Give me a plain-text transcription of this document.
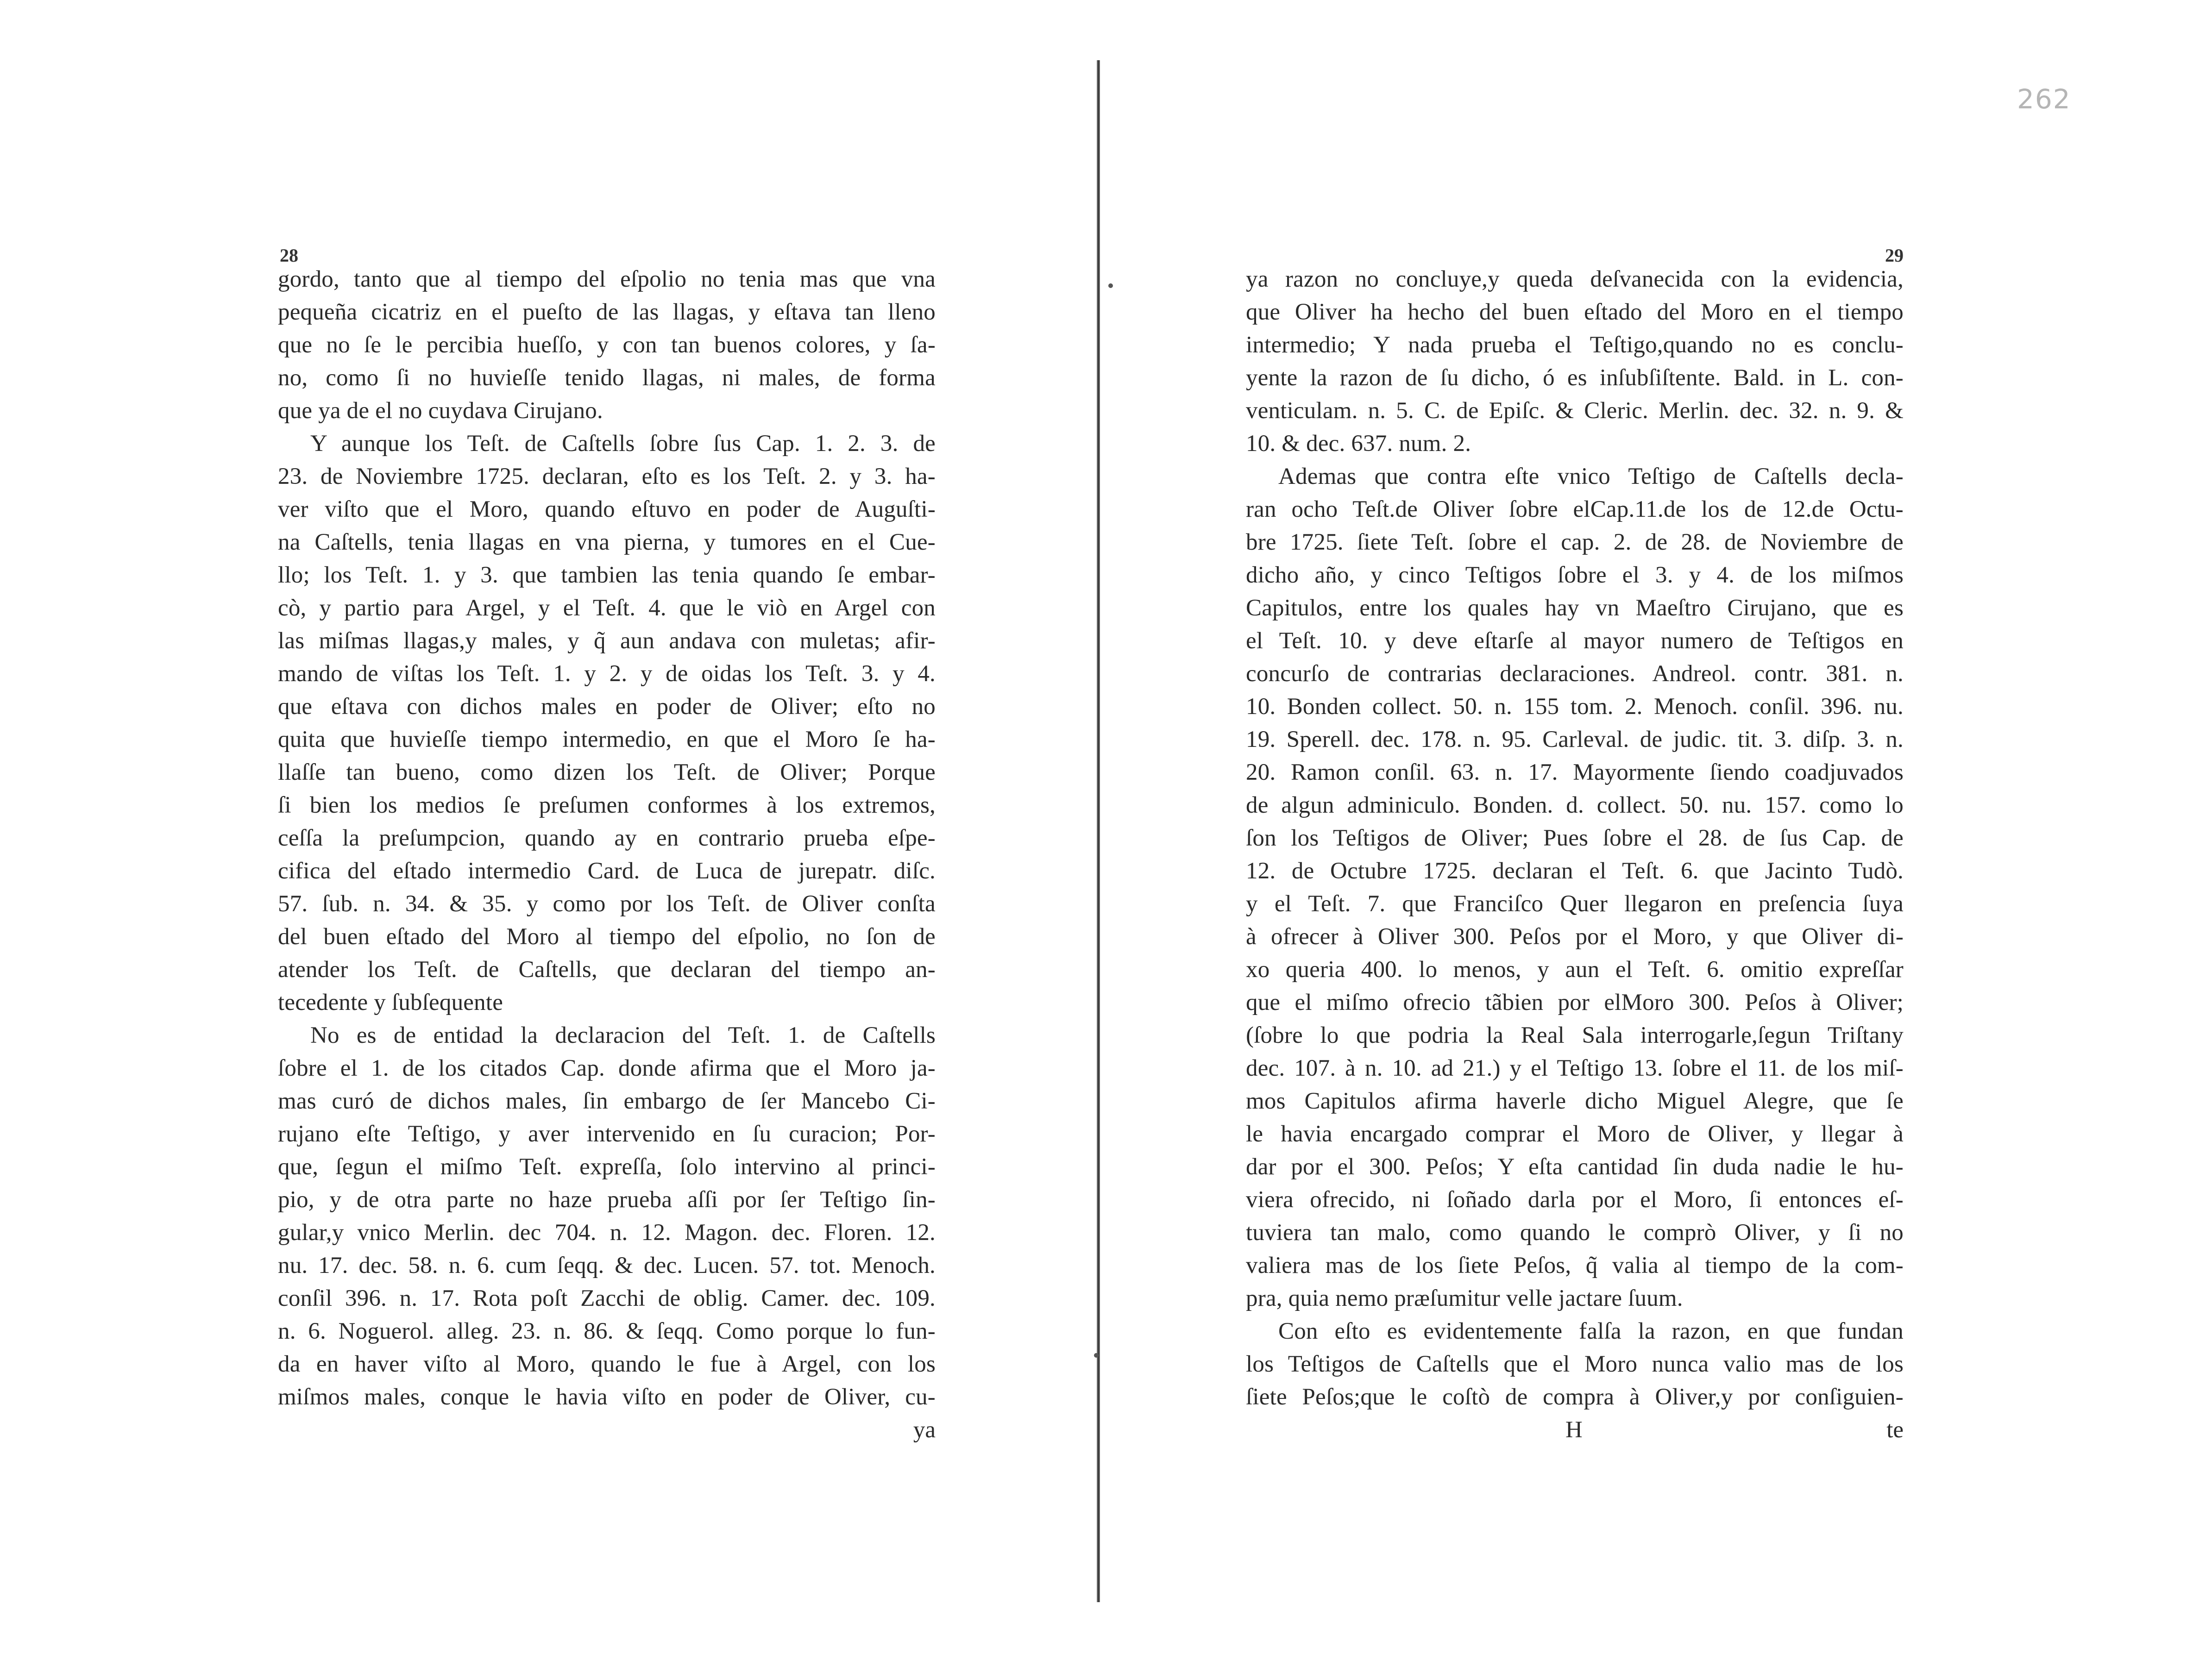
262
28
gordo, tanto que al tiempo del eſpolio no tenia mas que vna
pequeña cicatriz en el pueſto de las llagas, y eſtava tan lleno
que no ſe le percibia hueſſo, y con tan buenos colores, y ſa-
no, como ſi no huvieſſe tenido llagas, ni males, de forma
que ya de el no cuydava Cirujano.
Y aunque los Teſt. de Caſtells ſobre ſus Cap. 1. 2. 3. de
23. de Noviembre 1725. declaran, eſto es los Teſt. 2. y 3. ha-
ver viſto que el Moro, quando eſtuvo en poder de Auguſti-
na Caſtells, tenia llagas en vna pierna, y tumores en el Cue-
llo; los Teſt. 1. y 3. que tambien las tenia quando ſe embar-
cò, y partio para Argel, y el Teſt. 4. que le viò en Argel con
las miſmas llagas,y males, y q̃ aun andava con muletas; afir-
mando de viſtas los Teſt. 1. y 2. y de oidas los Teſt. 3. y 4.
que eſtava con dichos males en poder de Oliver; eſto no
quita que huvieſſe tiempo intermedio, en que el Moro ſe ha-
llaſſe tan bueno, como dizen los Teſt. de Oliver; Porque
ſi bien los medios ſe preſumen conformes à los extremos,
ceſſa la preſumpcion, quando ay en contrario prueba eſpe-
cifica del eſtado intermedio Card. de Luca de jurepatr. diſc.
57. ſub. n. 34. & 35. y como por los Teſt. de Oliver conſta
del buen eſtado del Moro al tiempo del eſpolio, no ſon de
atender los Teſt. de Caſtells, que declaran del tiempo an-
tecedente y ſubſequente
No es de entidad la declaracion del Teſt. 1. de Caſtells
ſobre el 1. de los citados Cap. donde afirma que el Moro ja-
mas curó de dichos males, ſin embargo de ſer Mancebo Ci-
rujano eſte Teſtigo, y aver intervenido en ſu curacion; Por-
que, ſegun el miſmo Teſt. expreſſa, ſolo intervino al princi-
pio, y de otra parte no haze prueba aſſi por ſer Teſtigo ſin-
gular,y vnico Merlin. dec 704. n. 12. Magon. dec. Floren. 12.
nu. 17. dec. 58. n. 6. cum ſeqq. & dec. Lucen. 57. tot. Menoch.
conſil 396. n. 17. Rota poſt Zacchi de oblig. Camer. dec. 109.
n. 6. Noguerol. alleg. 23. n. 86. & ſeqq. Como porque lo fun-
da en haver viſto al Moro, quando le fue à Argel, con los
miſmos males, conque le havia viſto en poder de Oliver, cu-
ya
29
ya razon no concluye,y queda deſvanecida con la evidencia,
que Oliver ha hecho del buen eſtado del Moro en el tiempo
intermedio; Y nada prueba el Teſtigo,quando no es conclu-
yente la razon de ſu dicho, ó es inſubſiſtente. Bald. in L. con-
venticulam. n. 5. C. de Epiſc. & Cleric. Merlin. dec. 32. n. 9. &
10. & dec. 637. num. 2.
Ademas que contra eſte vnico Teſtigo de Caſtells decla-
ran ocho Teſt.de Oliver ſobre elCap.11.de los de 12.de Octu-
bre 1725. ſiete Teſt. ſobre el cap. 2. de 28. de Noviembre de
dicho año, y cinco Teſtigos ſobre el 3. y 4. de los miſmos
Capitulos, entre los quales hay vn Maeſtro Cirujano, que es
el Teſt. 10. y deve eſtarſe al mayor numero de Teſtigos en
concurſo de contrarias declaraciones. Andreol. contr. 381. n.
10. Bonden collect. 50. n. 155 tom. 2. Menoch. conſil. 396. nu.
19. Sperell. dec. 178. n. 95. Carleval. de judic. tit. 3. diſp. 3. n.
20. Ramon conſil. 63. n. 17. Mayormente ſiendo coadjuvados
de algun adminiculo. Bonden. d. collect. 50. nu. 157. como lo
ſon los Teſtigos de Oliver; Pues ſobre el 28. de ſus Cap. de
12. de Octubre 1725. declaran el Teſt. 6. que Jacinto Tudò.
y el Teſt. 7. que Franciſco Quer llegaron en preſencia ſuya
à ofrecer à Oliver 300. Peſos por el Moro, y que Oliver di-
xo queria 400. lo menos, y aun el Teſt. 6. omitio expreſſar
que el miſmo ofrecio tãbien por elMoro 300. Peſos à Oliver;
(ſobre lo que podria la Real Sala interrogarle,ſegun Triſtany
dec. 107. à n. 10. ad 21.) y el Teſtigo 13. ſobre el 11. de los miſ-
mos Capitulos afirma haverle dicho Miguel Alegre, que ſe
le havia encargado comprar el Moro de Oliver, y llegar à
dar por el 300. Peſos; Y eſta cantidad ſin duda nadie le hu-
viera ofrecido, ni ſoñado darla por el Moro, ſi entonces eſ-
tuviera tan malo, como quando le comprò Oliver, y ſi no
valiera mas de los ſiete Peſos, q̃ valia al tiempo de la com-
pra, quia nemo præſumitur velle jactare ſuum.
Con eſto es evidentemente falſa la razon, en que fundan
los Teſtigos de Caſtells que el Moro nunca valio mas de los
ſiete Peſos;que le coſtò de compra à Oliver,y por conſiguien-
H	te
